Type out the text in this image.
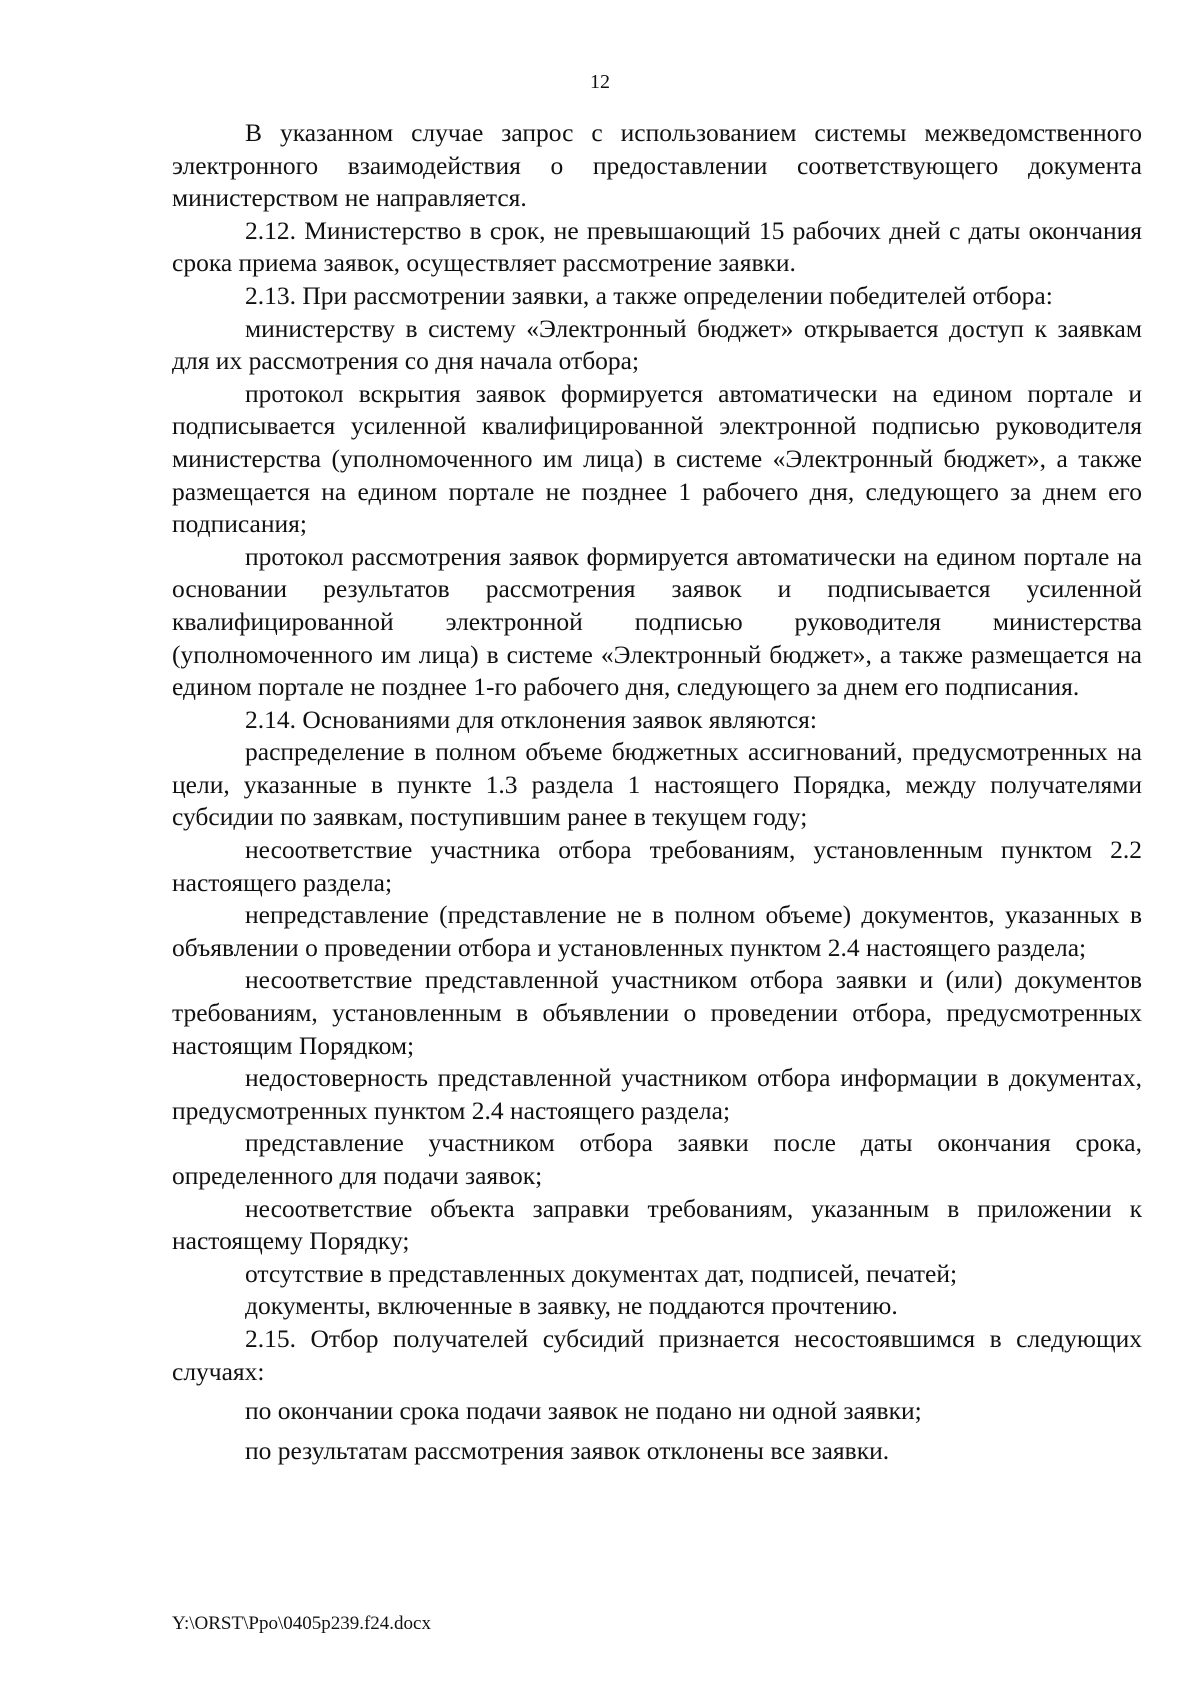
12

В указанном случае запрос с использованием системы межведомственного электронного взаимодействия о предоставлении соответствующего документа министерством не направляется.

2.12. Министерство в срок, не превышающий 15 рабочих дней с даты окончания срока приема заявок, осуществляет рассмотрение заявки.

2.13. При рассмотрении заявки, а также определении победителей отбора:

министерству в систему «Электронный бюджет» открывается доступ к заявкам для их рассмотрения со дня начала отбора;

протокол вскрытия заявок формируется автоматически на едином портале и подписывается усиленной квалифицированной электронной подписью руководителя министерства (уполномоченного им лица) в системе «Электронный бюджет», а также размещается на едином портале не позднее 1 рабочего дня, следующего за днем его подписания;

протокол рассмотрения заявок формируется автоматически на едином портале на основании результатов рассмотрения заявок и подписывается усиленной квалифицированной электронной подписью руководителя министерства (уполномоченного им лица) в системе «Электронный бюджет», а также размещается на едином портале не позднее 1-го рабочего дня, следующего за днем его подписания.

2.14. Основаниями для отклонения заявок являются:

распределение в полном объеме бюджетных ассигнований, предусмотренных на цели, указанные в пункте 1.3 раздела 1 настоящего Порядка, между получателями субсидии по заявкам, поступившим ранее в текущем году;

несоответствие участника отбора требованиям, установленным пунктом 2.2 настоящего раздела;

непредставление (представление не в полном объеме) документов, указанных в объявлении о проведении отбора и установленных пунктом 2.4 настоящего раздела;

несоответствие представленной участником отбора заявки и (или) документов требованиям, установленным в объявлении о проведении отбора, предусмотренных настоящим Порядком;

недостоверность представленной участником отбора информации в документах, предусмотренных пунктом 2.4 настоящего раздела;

представление участником отбора заявки после даты окончания срока, определенного для подачи заявок;

несоответствие объекта заправки требованиям, указанным в приложении к настоящему Порядку;

отсутствие в представленных документах дат, подписей, печатей;

документы, включенные в заявку, не поддаются прочтению.

2.15. Отбор получателей субсидий признается несостоявшимся в следующих случаях:

по окончании срока подачи заявок не подано ни одной заявки;

по результатам рассмотрения заявок отклонены все заявки.

Y:\ORST\Ppo\0405p239.f24.docx
